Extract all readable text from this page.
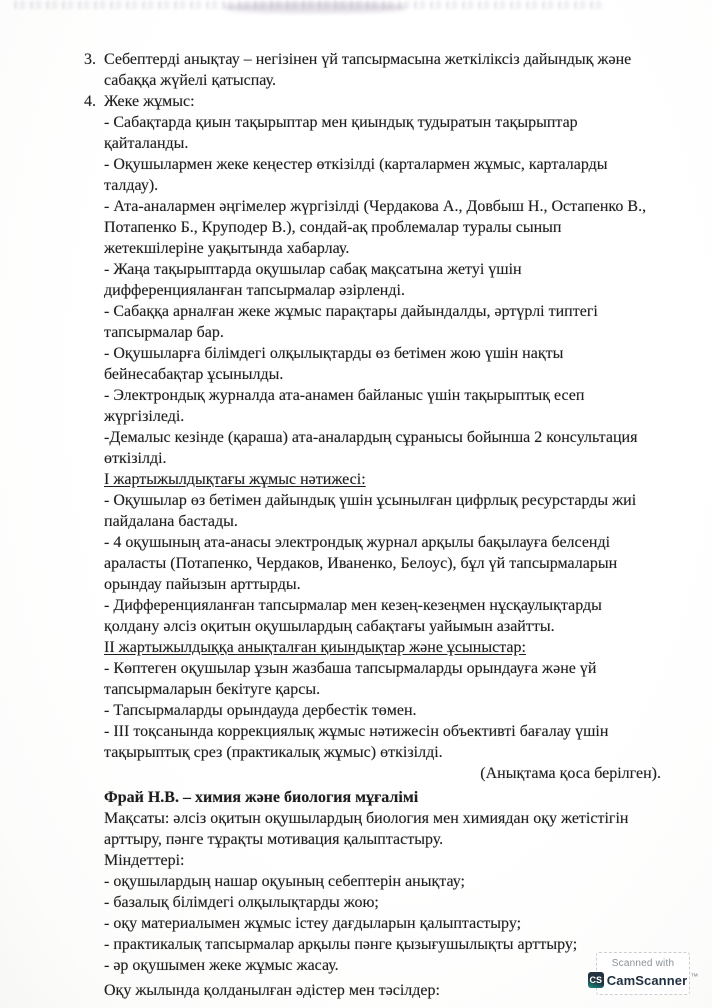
3. Себептерді анықтау – негізінен үй тапсырмасына жеткіліксіз дайындық және сабаққа жүйелі қатыспау.

4. Жеке жұмыс:

- Сабақтарда қиын тақырыптар мен қиындық тудыратын тақырыптар қайталанды.

- Оқушылармен жеке кеңестер өткізілді (карталармен жұмыс, карталарды талдау).

- Ата-аналармен әңгімелер жүргізілді (Чердакова А., Довбыш Н., Остапенко В., Потапенко Б., Круподер В.), сондай-ақ проблемалар туралы сынып жетекшілеріне уақытында хабарлау.

- Жаңа тақырыптарда оқушылар сабақ мақсатына жетуі үшін дифференцияланған тапсырмалар әзірленді.

- Сабаққа арналған жеке жұмыс парақтары дайындалды, әртүрлі типтегі тапсырмалар бар.

- Оқушыларға білімдегі олқылықтарды өз бетімен жою үшін нақты бейнесабақтар ұсынылды.

- Электрондық журналда ата-анамен байланыс үшін тақырыптық есеп жүргізіледі.

-Демалыс кезінде (қараша) ата-аналардың сұранысы бойынша 2 консультация өткізілді.

I жартыжылдықтағы жұмыс нәтижесі:

- Оқушылар өз бетімен дайындық үшін ұсынылған цифрлық ресурстарды жиі пайдалана бастады.

- 4 оқушының ата-анасы электрондық журнал арқылы бақылауға белсенді араласты (Потапенко, Чердаков, Иваненко, Белоус), бұл үй тапсырмаларын орындау пайызын арттырды.

- Дифференцияланған тапсырмалар мен кезең-кезеңмен нұсқаулықтарды қолдану әлсіз оқитын оқушылардың сабақтағы уайымын азайтты.

II жартыжылдыққа анықталған қиындықтар және ұсыныстар:

- Көптеген оқушылар ұзын жазбаша тапсырмаларды орындауға және үй тапсырмаларын бекітуге қарсы.

- Тапсырмаларды орындауда дербестік төмен.

- ІІІ тоқсанында коррекциялық жұмыс нәтижесін объективті бағалау үшін тақырыптық срез (практикалық жұмыс) өткізілді.

(Анықтама қоса берілген).

Фрай Н.В. – химия және биология мұғалімі

Мақсаты: әлсіз оқитын оқушылардың биология мен химиядан оқу жетістігін арттыру, пәнге тұрақты мотивация қалыптастыру.

Міндеттері:

- оқушылардың нашар оқуының себептерін анықтау;

- базалық білімдегі олқылықтарды жою;

- оқу материалымен жұмыс істеу дағдыларын қалыптастыру;

- практикалық тапсырмалар арқылы пәнге қызығушылықты арттыру;

- әр оқушымен жеке жұмыс жасау.

Оқу жылында қолданылған әдістер мен тәсілдер:

Scanned with
CS CamScanner ™
